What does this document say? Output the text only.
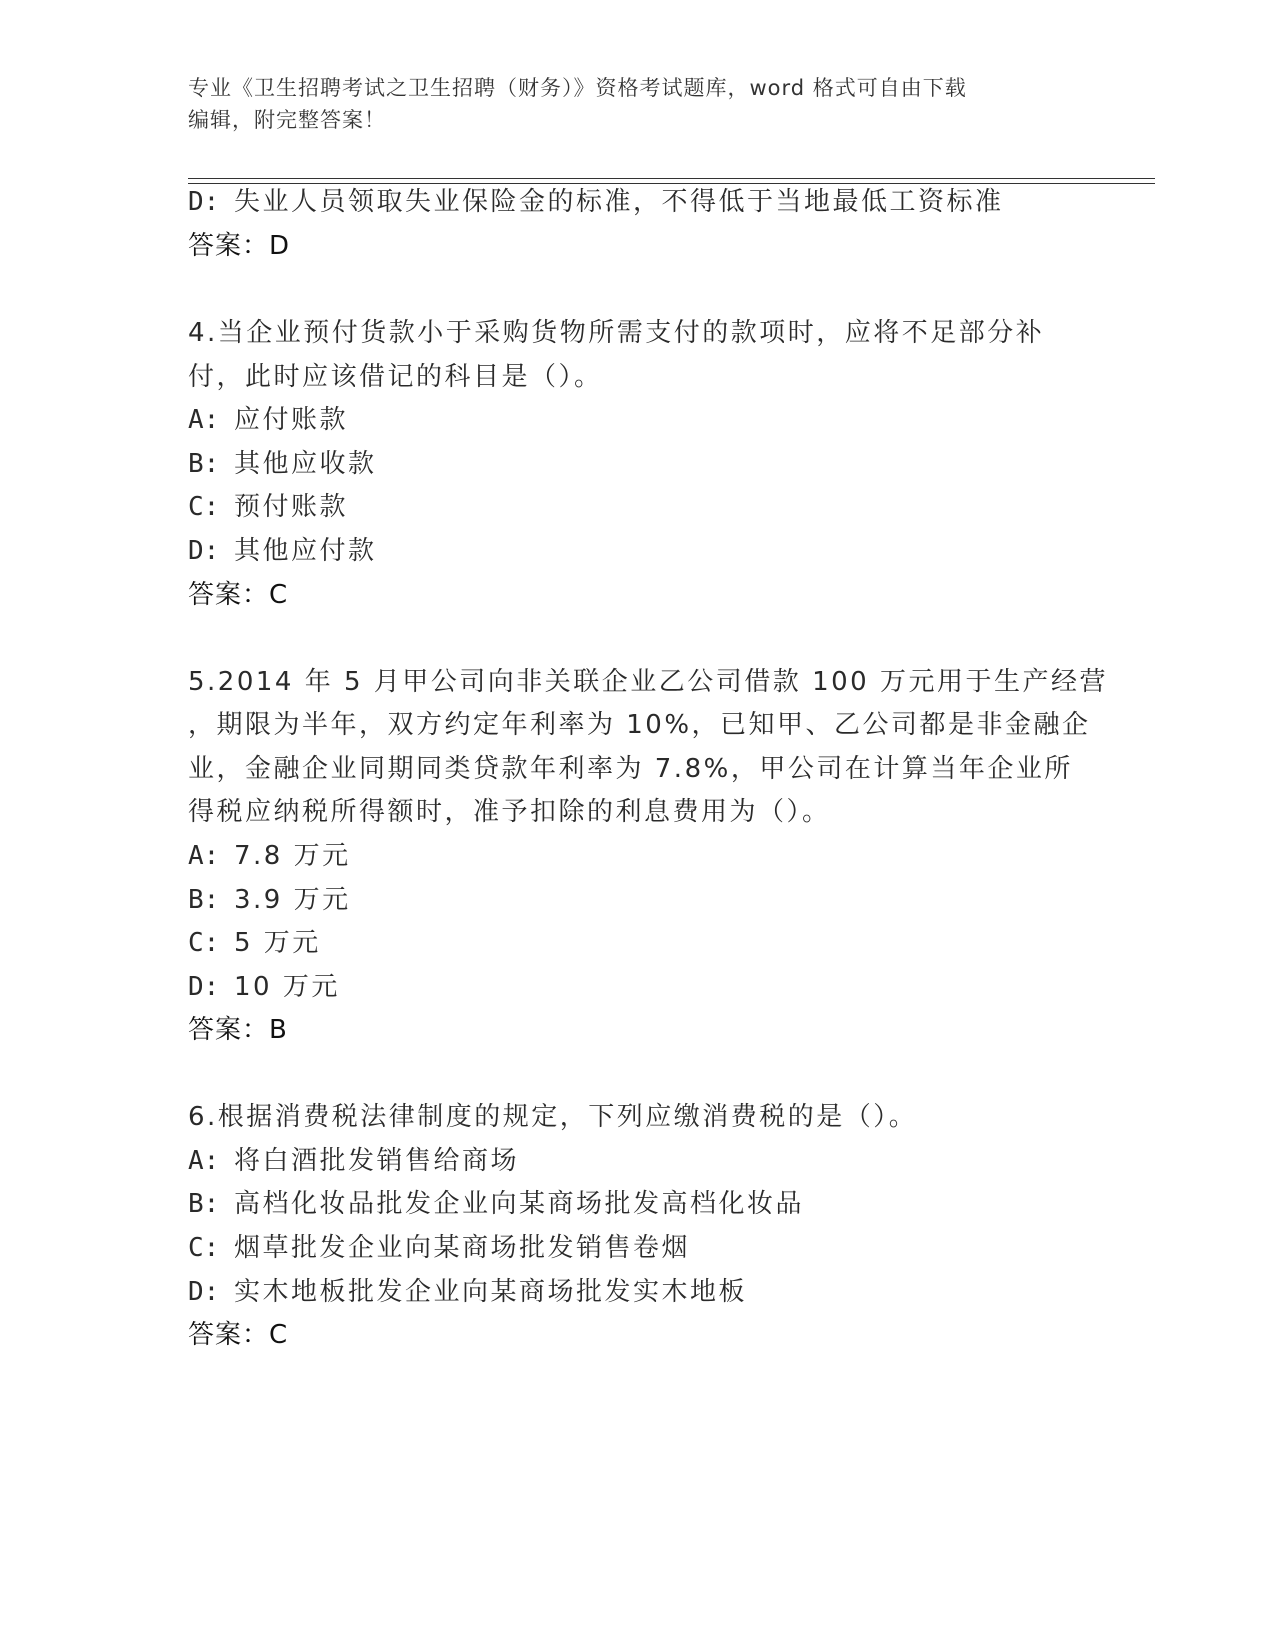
专业《卫生招聘考试之卫生招聘（财务）》资格考试题库，word 格式可自由下载
编辑，附完整答案！
D: 失业人员领取失业保险金的标准，不得低于当地最低工资标准
答案：D
4.当企业预付货款小于采购货物所需支付的款项时，应将不足部分补
付，此时应该借记的科目是（）。
A: 应付账款
B: 其他应收款
C: 预付账款
D: 其他应付款
答案：C
5.2014 年 5 月甲公司向非关联企业乙公司借款 100 万元用于生产经营
，期限为半年，双方约定年利率为 10%，已知甲、乙公司都是非金融企
业，金融企业同期同类贷款年利率为 7.8%，甲公司在计算当年企业所
得税应纳税所得额时，准予扣除的利息费用为（）。
A: 7.8 万元
B: 3.9 万元
C: 5 万元
D: 10 万元
答案：B
6.根据消费税法律制度的规定，下列应缴消费税的是（）。
A: 将白酒批发销售给商场
B: 高档化妆品批发企业向某商场批发高档化妆品
C: 烟草批发企业向某商场批发销售卷烟
D: 实木地板批发企业向某商场批发实木地板
答案：C
